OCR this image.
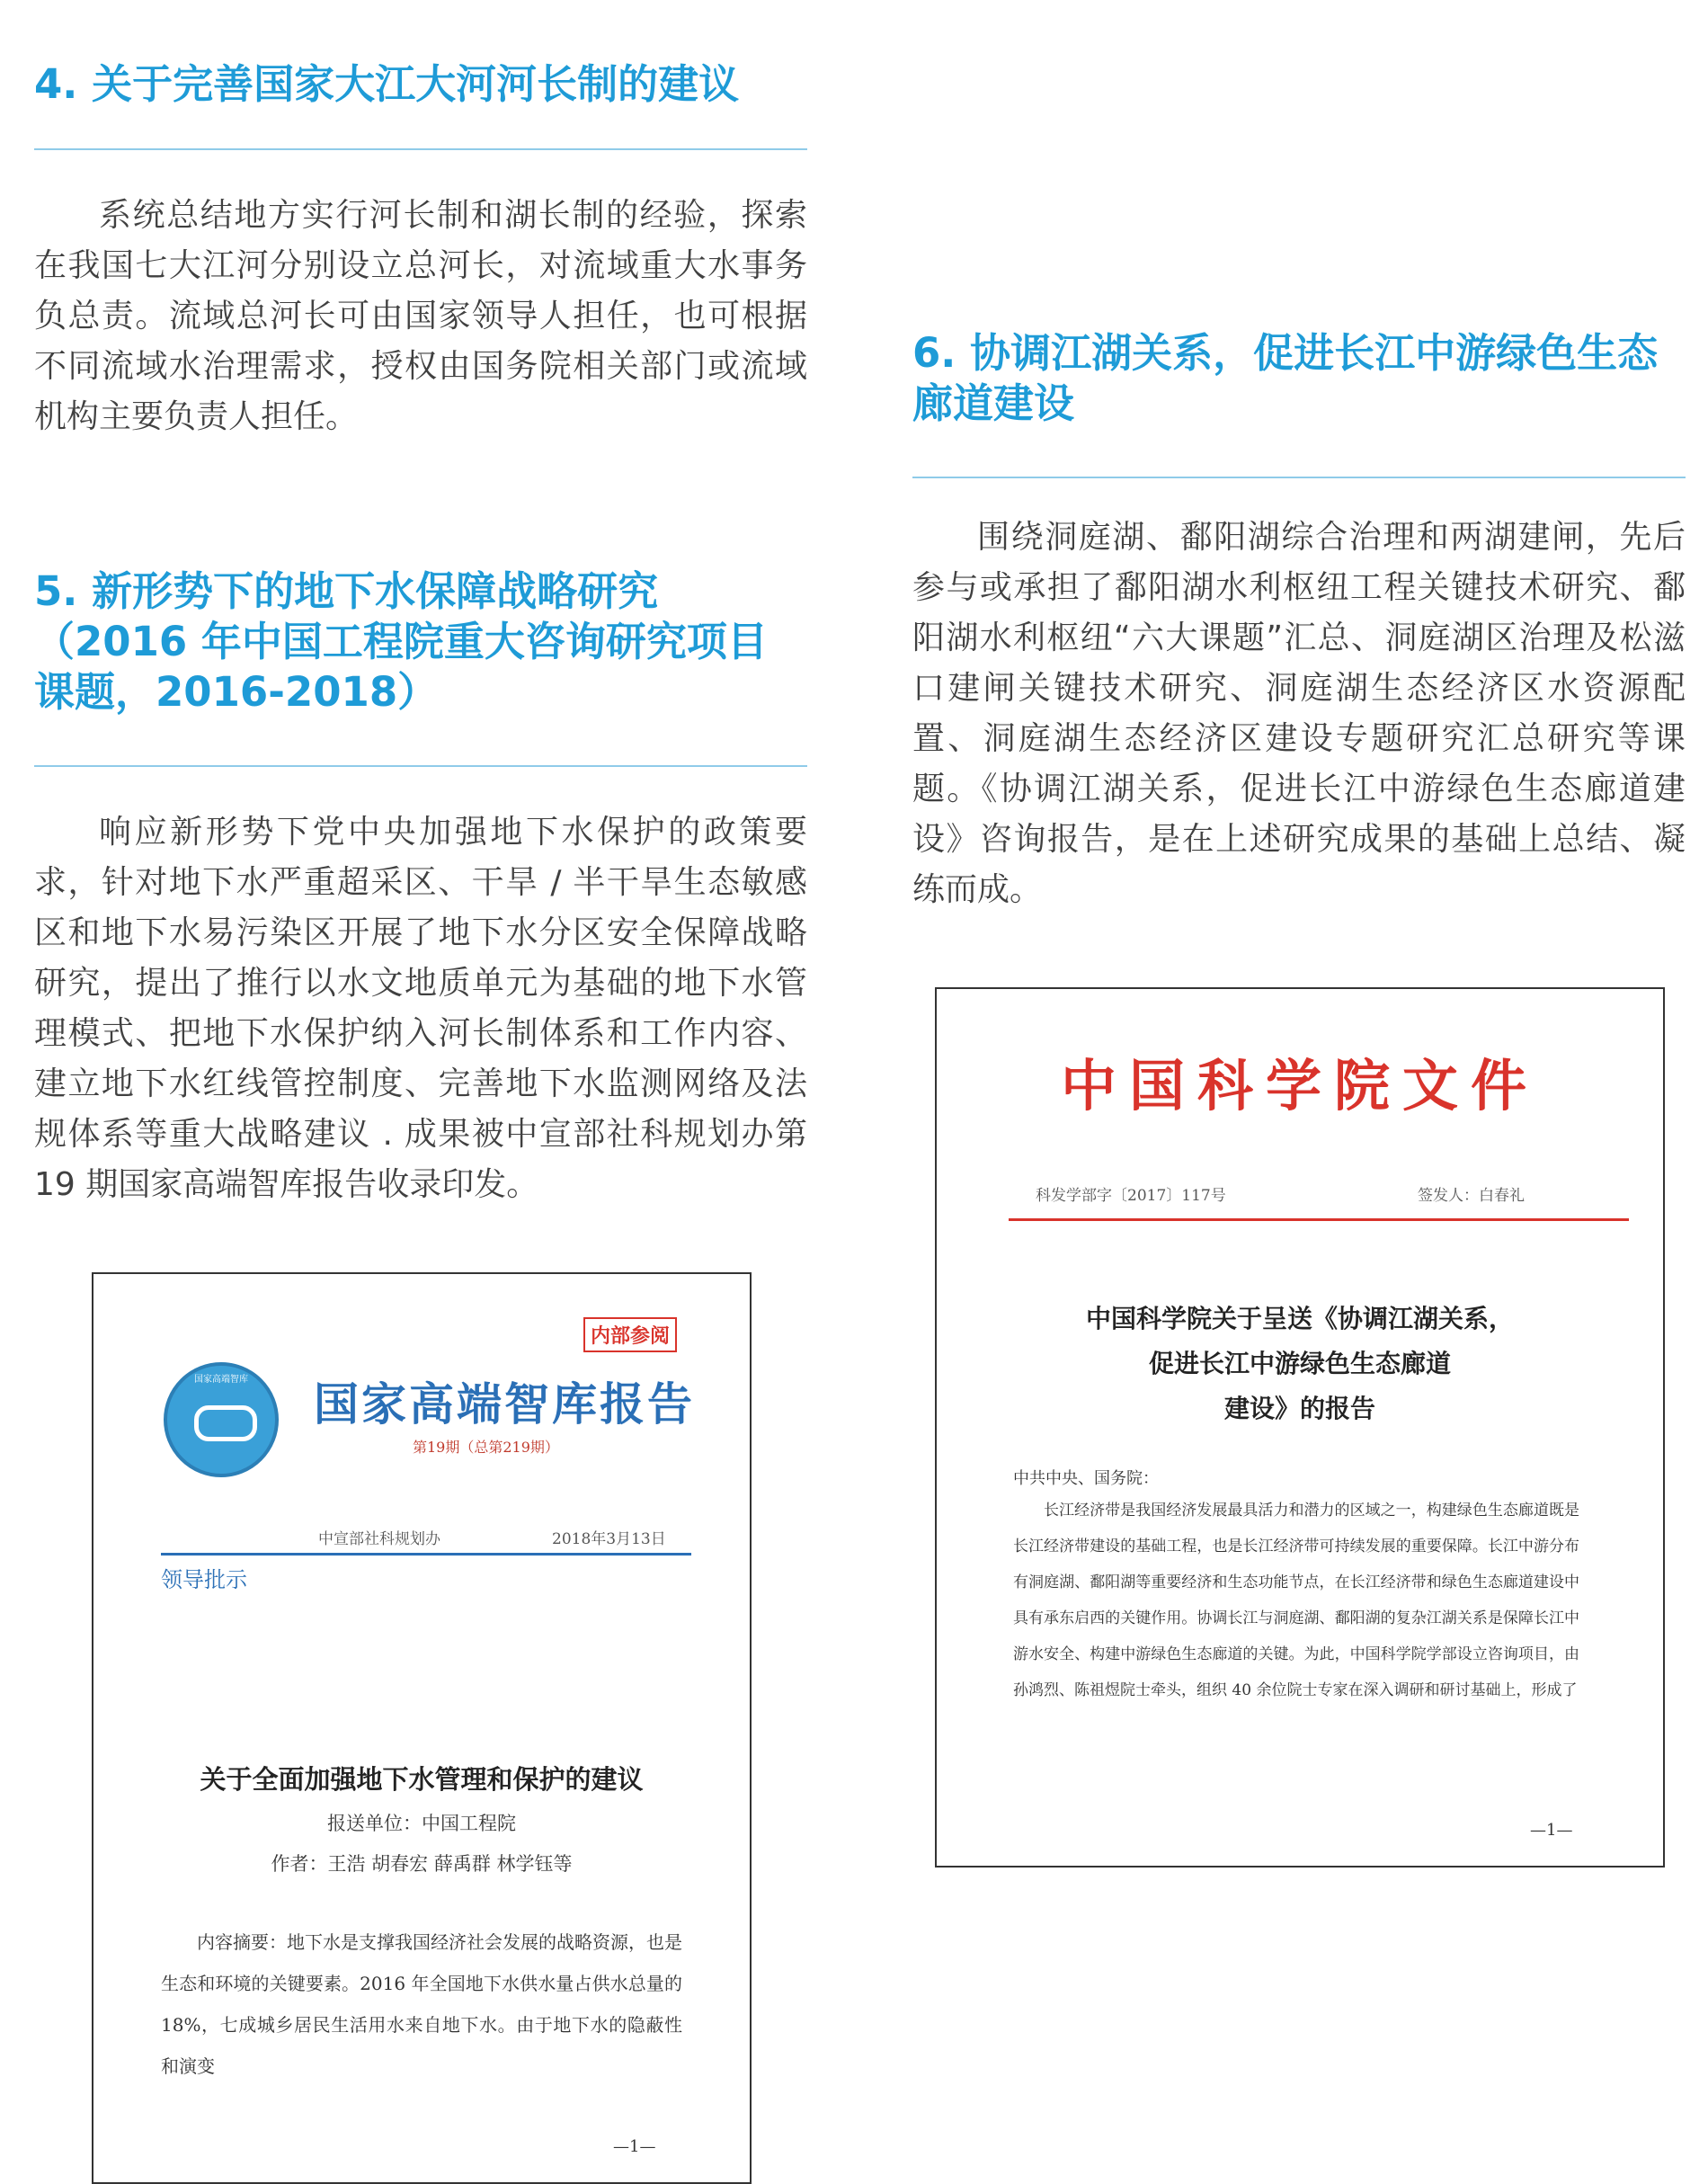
4. 关于完善国家大江大河河长制的建议

系统总结地方实行河长制和湖长制的经验，探索在我国七大江河分别设立总河长，对流域重大水事务负总责。流域总河长可由国家领导人担任，也可根据不同流域水治理需求，授权由国务院相关部门或流域机构主要负责人担任。

5. 新形势下的地下水保障战略研究（2016 年中国工程院重大咨询研究项目课题，2016-2018）

响应新形势下党中央加强地下水保护的政策要求，针对地下水严重超采区、干旱 / 半干旱生态敏感区和地下水易污染区开展了地下水分区安全保障战略研究，提出了推行以水文地质单元为基础的地下水管理模式、把地下水保护纳入河长制体系和工作内容、建立地下水红线管控制度、完善地下水监测网络及法规体系等重大战略建议 . 成果被中宣部社科规划办第 19 期国家高端智库报告收录印发。

内部参阅
国家高端智库	国家高端智库报告
第19期（总第219期）
中宣部社科规划办	2018年3月13日
领导批示
关于全面加强地下水管理和保护的建议
报送单位：中国工程院
作者：王浩 胡春宏 薛禹群 林学钰等

内容摘要：地下水是支撑我国经济社会发展的战略资源，也是生态和环境的关键要素。2016 年全国地下水供水量占供水总量的 18%，七成城乡居民生活用水来自地下水。由于地下水的隐蔽性和演变

—1—
6. 协调江湖关系，促进长江中游绿色生态廊道建设

围绕洞庭湖、鄱阳湖综合治理和两湖建闸，先后参与或承担了鄱阳湖水利枢纽工程关键技术研究、鄱阳湖水利枢纽“六大课题”汇总、洞庭湖区治理及松滋口建闸关键技术研究、洞庭湖生态经济区水资源配置、洞庭湖生态经济区建设专题研究汇总研究等课题。《协调江湖关系，促进长江中游绿色生态廊道建设》咨询报告，是在上述研究成果的基础上总结、凝练而成。

中国科学院文件
科发学部字〔2017〕117号	签发人：白春礼
中国科学院关于呈送《协调江湖关系，
促进长江中游绿色生态廊道
建设》的报告
中共中央、国务院：

长江经济带是我国经济发展最具活力和潜力的区域之一，构建绿色生态廊道既是长江经济带建设的基础工程，也是长江经济带可持续发展的重要保障。长江中游分布有洞庭湖、鄱阳湖等重要经济和生态功能节点，在长江经济带和绿色生态廊道建设中具有承东启西的关键作用。协调长江与洞庭湖、鄱阳湖的复杂江湖关系是保障长江中游水安全、构建中游绿色生态廊道的关键。为此，中国科学院学部设立咨询项目，由孙鸿烈、陈祖煜院士牵头，组织 40 余位院士专家在深入调研和研讨基础上，形成了

—1—
